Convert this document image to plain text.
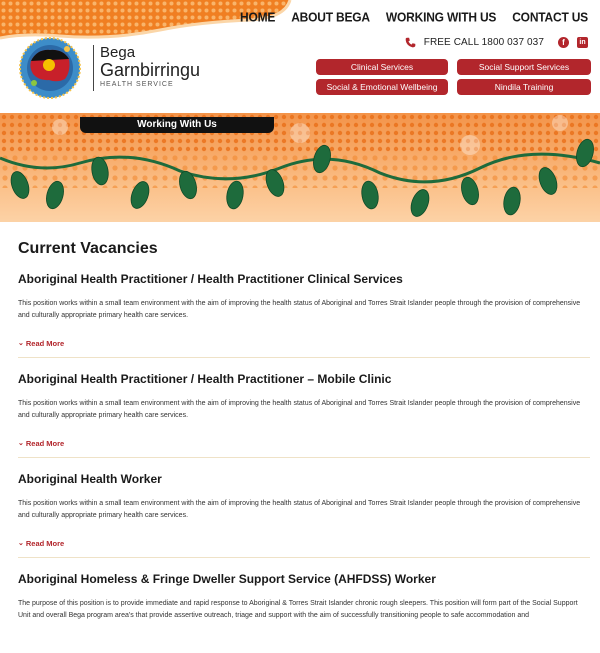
HOME ABOUT BEGA WORKING WITH US CONTACT US
FREE CALL 1800 037 037	f	in
Bega
Garnbirringu
HEALTH SERVICE
Clinical Services	Social Support Services
Social & Emotional Wellbeing	Nindila Training
Working With Us
Current Vacancies
Aboriginal Health Practitioner / Health Practitioner Clinical Services
This position works within a small team environment with the aim of improving the health status of Aboriginal and Torres Strait Islander people through the provision of comprehensive and culturally appropriate primary health care services.
⌄ Read More
Aboriginal Health Practitioner / Health Practitioner – Mobile Clinic
This position works within a small team environment with the aim of improving the health status of Aboriginal and Torres Strait Islander people through the provision of comprehensive and culturally appropriate primary health care services.
⌄ Read More
Aboriginal Health Worker
This position works within a small team environment with the aim of improving the health status of Aboriginal and Torres Strait Islander people through the provision of comprehensive and culturally appropriate primary health care services.
⌄ Read More
Aboriginal Homeless & Fringe Dweller Support Service (AHFDSS) Worker
The purpose of this position is to provide immediate and rapid response to Aboriginal & Torres Strait Islander chronic rough sleepers. This position will form part of the Social Support Unit and overall Bega program area's that provide assertive outreach, triage and support with the aim of successfully transitioning people to safe accommodation and
